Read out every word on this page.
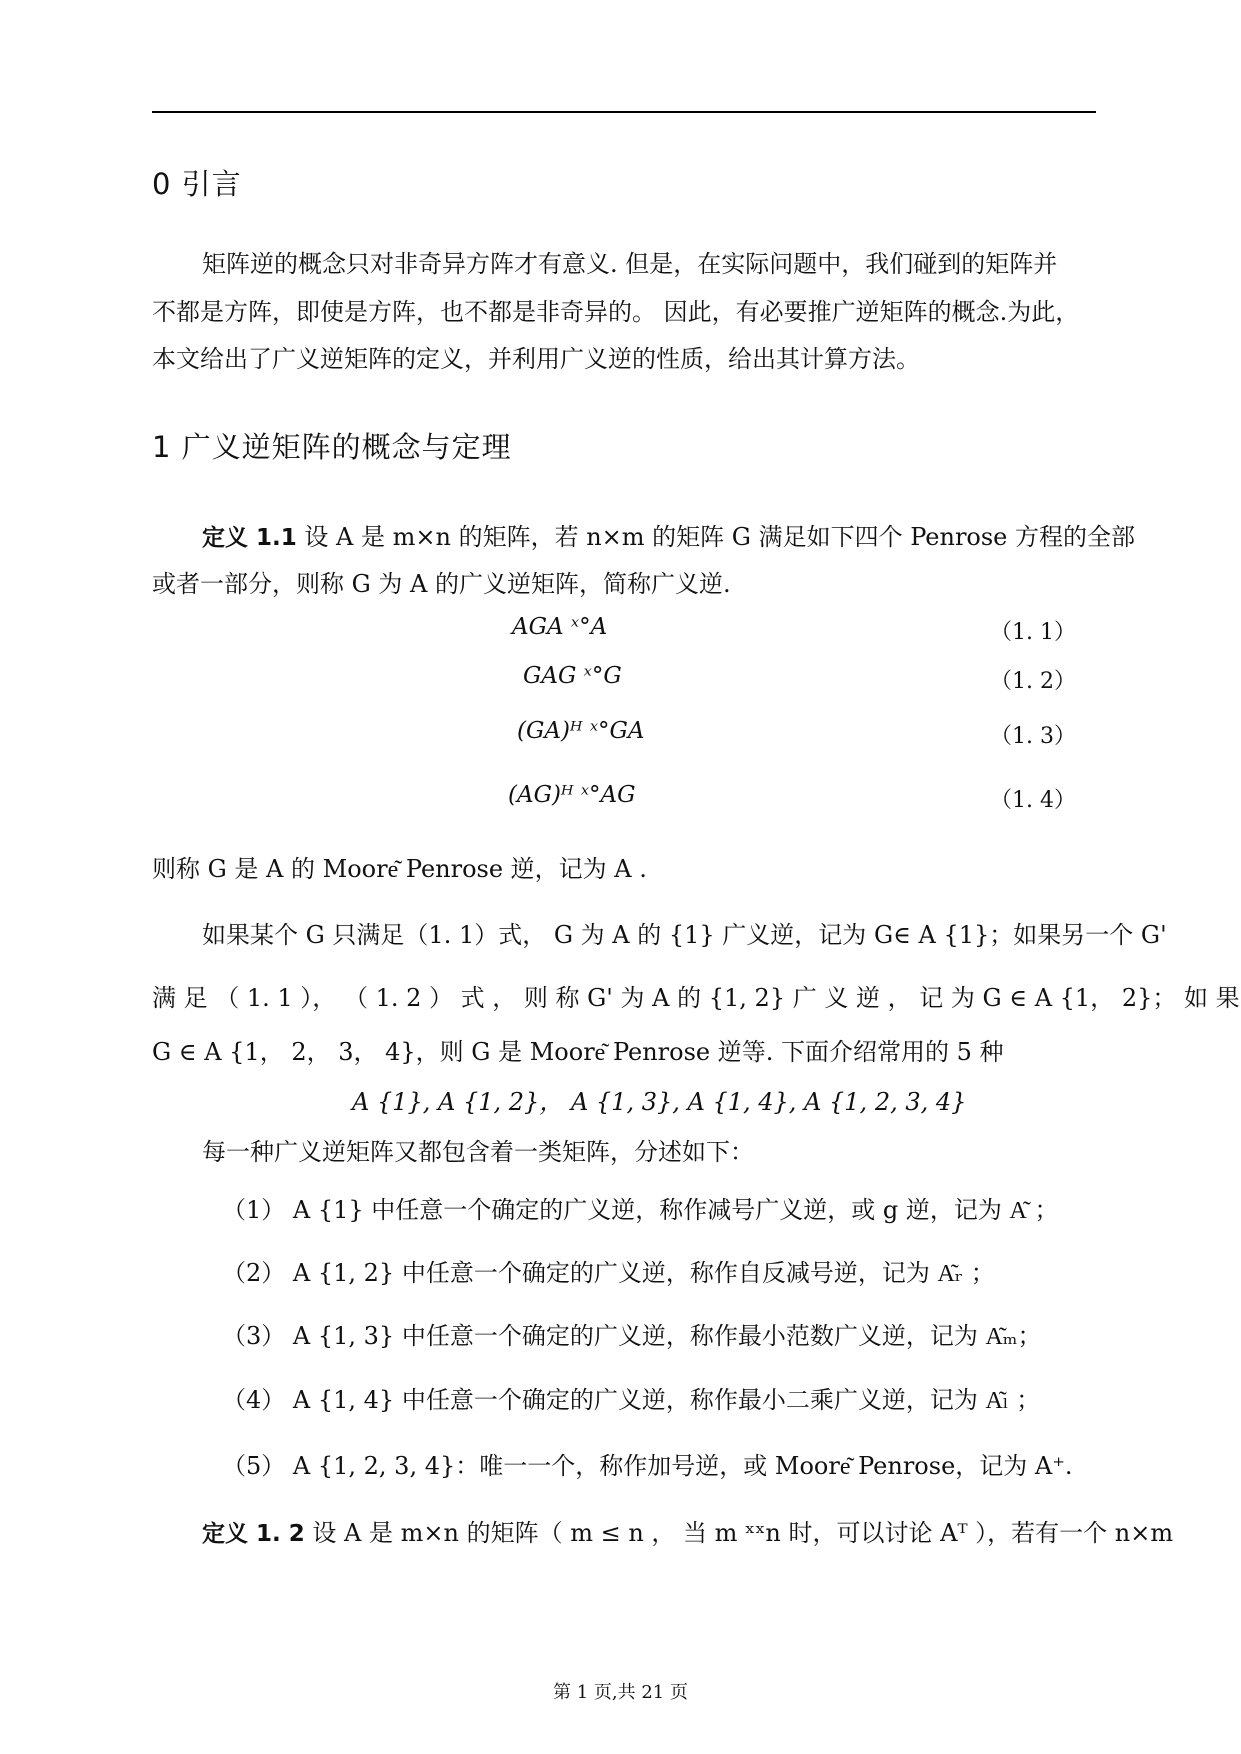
0 引言
矩阵逆的概念只对非奇异方阵才有意义. 但是，在实际问题中，我们碰到的矩阵并
不都是方阵，即使是方阵，也不都是非奇异的。 因此，有必要推广逆矩阵的概念.为此，
本文给出了广义逆矩阵的定义，并利用广义逆的性质，给出其计算方法。
1 广义逆矩阵的概念与定理
定义 1.1 设 A 是 m×n 的矩阵，若 n×m 的矩阵 G 满足如下四个 Penrose 方程的全部
或者一部分，则称 G 为 A 的广义逆矩阵，简称广义逆.
AGA ˣ°A	（1. 1）
GAG ˣ°G	（1. 2）
(GA)ᴴ ˣ°GA	（1. 3）
(AG)ᴴ ˣ°AG	（1. 4）
则称 G 是 A 的 Moore͂ Penrose 逆，记为 A .
如果某个 G 只满足（1. 1）式， G 为 A 的 {1} 广义逆，记为 G∈ A {1}；如果另一个 G'
满 足 （ 1. 1 ）， （ 1. 2 ） 式 ， 则 称 G' 为 A 的 {1, 2} 广 义 逆 ， 记 为 G ∈ A {1， 2}； 如 果
G ∈ A {1， 2， 3， 4}，则 G 是 Moore͂ Penrose 逆等. 下面介绍常用的 5 种
A {1}, A {1, 2}， A {1, 3}, A {1, 4}, A {1, 2, 3, 4}
每一种广义逆矩阵又都包含着一类矩阵，分述如下：
（1） A {1} 中任意一个确定的广义逆，称作减号广义逆，或 g 逆，记为 A͂ ；
（2） A {1, 2} 中任意一个确定的广义逆，称作自反减号逆，记为 A͂ᵣ ；
（3） A {1, 3} 中任意一个确定的广义逆，称作最小范数广义逆，记为 A͂ₘ；
（4） A {1, 4} 中任意一个确定的广义逆，称作最小二乘广义逆，记为 A͂ₗ ；
（5） A {1, 2, 3, 4}：唯一一个，称作加号逆，或 Moore͂ Penrose，记为 A⁺.
定义 1. 2 设 A 是 m×n 的矩阵（ m ≤ n ， 当 m ˣˣn 时，可以讨论 Aᵀ ），若有一个 n×m
第 1 页,共 21 页
